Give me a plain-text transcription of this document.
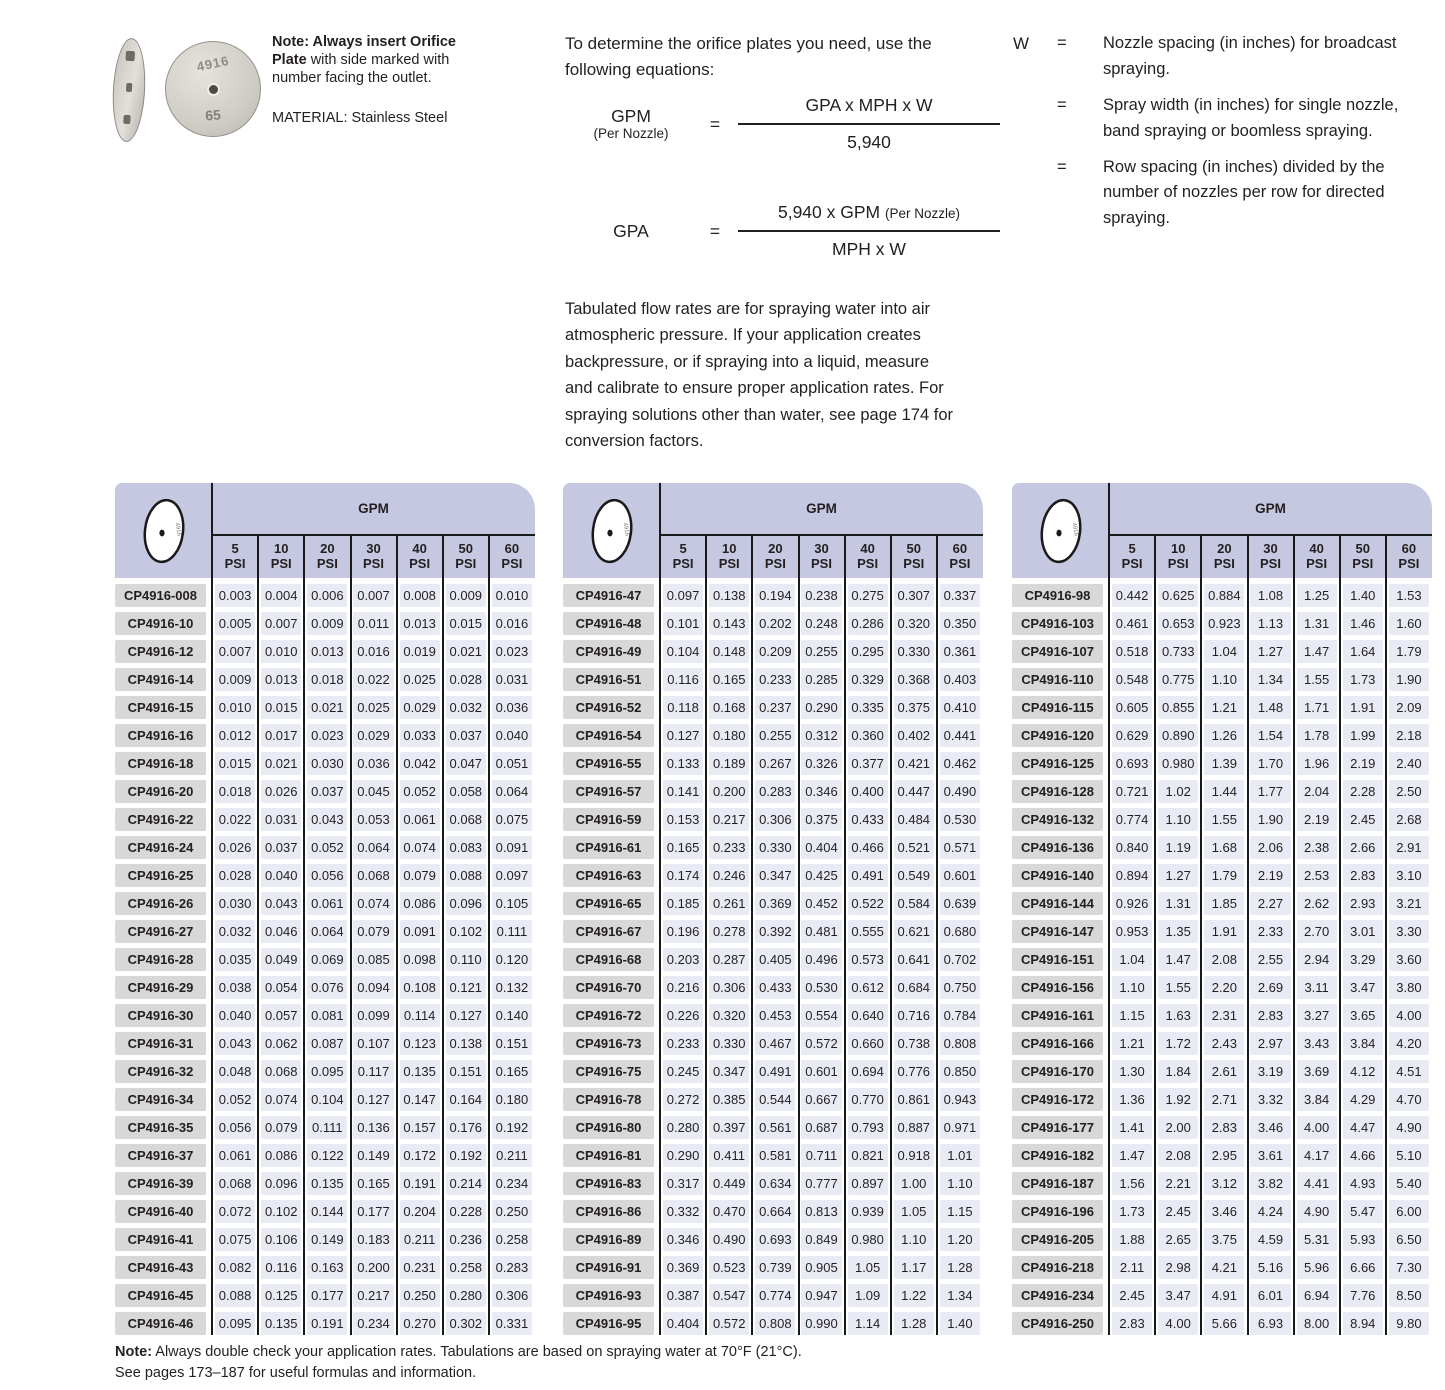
4916
65
Note: Always insert Orifice Plate with side marked with number facing the outlet.
MATERIAL: Stainless Steel
To determine the orifice plates you need, use the following equations:
GPM
(Per Nozzle)
=	$\frac{\text{GPA x MPH x W}}{5,940}$
GPA	=	$\frac{\text{5,940 x GPM (Per Nozzle)}}{\text{MPH x W}}$
Tabulated flow rates are for spraying water into air atmospheric pressure. If your application creates backpressure, or if spraying into a liquid, measure and calibrate to ensure proper application rates. For spraying solutions other than water, see page 174 for conversion factors.
W	=	Nozzle spacing (in inches) for broadcast spraying.
=	Spray width (in inches) for single nozzle, band spraying or boomless spraying.
=	Row spacing (in inches) divided by the number of nozzles per row for directed spraying.
4916
GPM
5
PSI
10
PSI
20
PSI
30
PSI
40
PSI
50
PSI
60
PSI
CP4916-008	0.003 0.004 0.006 0.007 0.008 0.009 0.010
CP4916-10	0.005 0.007 0.009	0.011	0.013 0.015 0.016
CP4916-12	0.007 0.010 0.013 0.016 0.019 0.021 0.023
CP4916-14	0.009 0.013 0.018 0.022 0.025 0.028 0.031
CP4916-15	0.010 0.015 0.021 0.025 0.029 0.032 0.036
CP4916-16	0.012 0.017 0.023 0.029 0.033 0.037 0.040
CP4916-18	0.015 0.021 0.030 0.036 0.042 0.047 0.051
CP4916-20	0.018 0.026 0.037 0.045 0.052 0.058 0.064
CP4916-22	0.022 0.031 0.043 0.053 0.061 0.068 0.075
CP4916-24	0.026 0.037 0.052 0.064 0.074 0.083 0.091
CP4916-25	0.028 0.040 0.056 0.068 0.079 0.088 0.097
CP4916-26	0.030 0.043 0.061 0.074 0.086 0.096 0.105
CP4916-27	0.032 0.046 0.064 0.079 0.091 0.102	0.111
CP4916-28	0.035 0.049 0.069 0.085 0.098	0.110	0.120
CP4916-29	0.038 0.054 0.076 0.094 0.108 0.121 0.132
CP4916-30	0.040 0.057 0.081 0.099	0.114	0.127 0.140
CP4916-31	0.043 0.062 0.087 0.107 0.123 0.138 0.151
CP4916-32	0.048 0.068 0.095	0.117	0.135 0.151 0.165
CP4916-34	0.052 0.074 0.104 0.127 0.147 0.164 0.180
CP4916-35	0.056 0.079	0.111	0.136 0.157 0.176 0.192
CP4916-37	0.061 0.086 0.122 0.149 0.172 0.192	0.211
CP4916-39	0.068 0.096 0.135 0.165 0.191 0.214 0.234
CP4916-40	0.072 0.102 0.144 0.177 0.204 0.228 0.250
CP4916-41	0.075 0.106 0.149 0.183	0.211	0.236 0.258
CP4916-43	0.082	0.116	0.163 0.200 0.231 0.258 0.283
CP4916-45	0.088 0.125 0.177 0.217 0.250 0.280 0.306
CP4916-46	0.095 0.135 0.191 0.234 0.270 0.302 0.331
4916
GPM
5
PSI
10
PSI
20
PSI
30
PSI
40
PSI
50
PSI
60
PSI
CP4916-47	0.097 0.138 0.194 0.238 0.275 0.307 0.337
CP4916-48	0.101 0.143 0.202 0.248 0.286 0.320 0.350
CP4916-49	0.104 0.148 0.209 0.255 0.295 0.330 0.361
CP4916-51	0.116	0.165 0.233 0.285 0.329 0.368 0.403
CP4916-52	0.118	0.168 0.237 0.290 0.335 0.375 0.410
CP4916-54	0.127 0.180 0.255 0.312 0.360 0.402 0.441
CP4916-55	0.133 0.189 0.267 0.326 0.377 0.421 0.462
CP4916-57	0.141 0.200 0.283 0.346 0.400 0.447 0.490
CP4916-59	0.153 0.217 0.306 0.375 0.433 0.484 0.530
CP4916-61	0.165 0.233 0.330 0.404 0.466 0.521 0.571
CP4916-63	0.174 0.246 0.347 0.425 0.491 0.549 0.601
CP4916-65	0.185 0.261 0.369 0.452 0.522 0.584 0.639
CP4916-67	0.196 0.278 0.392 0.481 0.555 0.621 0.680
CP4916-68	0.203 0.287 0.405 0.496 0.573 0.641 0.702
CP4916-70	0.216 0.306 0.433 0.530 0.612 0.684 0.750
CP4916-72	0.226 0.320 0.453 0.554 0.640 0.716 0.784
CP4916-73	0.233 0.330 0.467 0.572 0.660 0.738 0.808
CP4916-75	0.245 0.347 0.491 0.601 0.694 0.776 0.850
CP4916-78	0.272 0.385 0.544 0.667 0.770 0.861 0.943
CP4916-80	0.280 0.397 0.561 0.687 0.793 0.887 0.971
CP4916-81	0.290	0.411	0.581	0.711	0.821 0.918	1.01
CP4916-83	0.317 0.449 0.634 0.777 0.897	1.00	1.10
CP4916-86	0.332 0.470 0.664 0.813 0.939	1.05	1.15
CP4916-89	0.346 0.490 0.693 0.849 0.980	1.10	1.20
CP4916-91	0.369 0.523 0.739 0.905	1.05	1.17	1.28
CP4916-93	0.387 0.547 0.774 0.947	1.09	1.22	1.34
CP4916-95	0.404 0.572 0.808 0.990	1.14	1.28	1.40
4916
GPM
5
PSI
10
PSI
20
PSI
30
PSI
40
PSI
50
PSI
60
PSI
CP4916-98	0.442 0.625 0.884	1.08	1.25	1.40	1.53
CP4916-103	0.461 0.653 0.923	1.13	1.31	1.46	1.60
CP4916-107	0.518 0.733	1.04	1.27	1.47	1.64	1.79
CP4916-110	0.548 0.775	1.10	1.34	1.55	1.73	1.90
CP4916-115	0.605 0.855	1.21	1.48	1.71	1.91	2.09
CP4916-120	0.629 0.890	1.26	1.54	1.78	1.99	2.18
CP4916-125	0.693 0.980	1.39	1.70	1.96	2.19	2.40
CP4916-128	0.721	1.02	1.44	1.77	2.04	2.28	2.50
CP4916-132	0.774	1.10	1.55	1.90	2.19	2.45	2.68
CP4916-136	0.840	1.19	1.68	2.06	2.38	2.66	2.91
CP4916-140	0.894	1.27	1.79	2.19	2.53	2.83	3.10
CP4916-144	0.926	1.31	1.85	2.27	2.62	2.93	3.21
CP4916-147	0.953	1.35	1.91	2.33	2.70	3.01	3.30
CP4916-151	1.04	1.47	2.08	2.55	2.94	3.29	3.60
CP4916-156	1.10	1.55	2.20	2.69	3.11	3.47	3.80
CP4916-161	1.15	1.63	2.31	2.83	3.27	3.65	4.00
CP4916-166	1.21	1.72	2.43	2.97	3.43	3.84	4.20
CP4916-170	1.30	1.84	2.61	3.19	3.69	4.12	4.51
CP4916-172	1.36	1.92	2.71	3.32	3.84	4.29	4.70
CP4916-177	1.41	2.00	2.83	3.46	4.00	4.47	4.90
CP4916-182	1.47	2.08	2.95	3.61	4.17	4.66	5.10
CP4916-187	1.56	2.21	3.12	3.82	4.41	4.93	5.40
CP4916-196	1.73	2.45	3.46	4.24	4.90	5.47	6.00
CP4916-205	1.88	2.65	3.75	4.59	5.31	5.93	6.50
CP4916-218	2.11	2.98	4.21	5.16	5.96	6.66	7.30
CP4916-234	2.45	3.47	4.91	6.01	6.94	7.76	8.50
CP4916-250	2.83	4.00	5.66	6.93	8.00	8.94	9.80
Note: Always double check your application rates. Tabulations are based on spraying water at 70°F (21°C).
See pages 173–187 for useful formulas and information.
